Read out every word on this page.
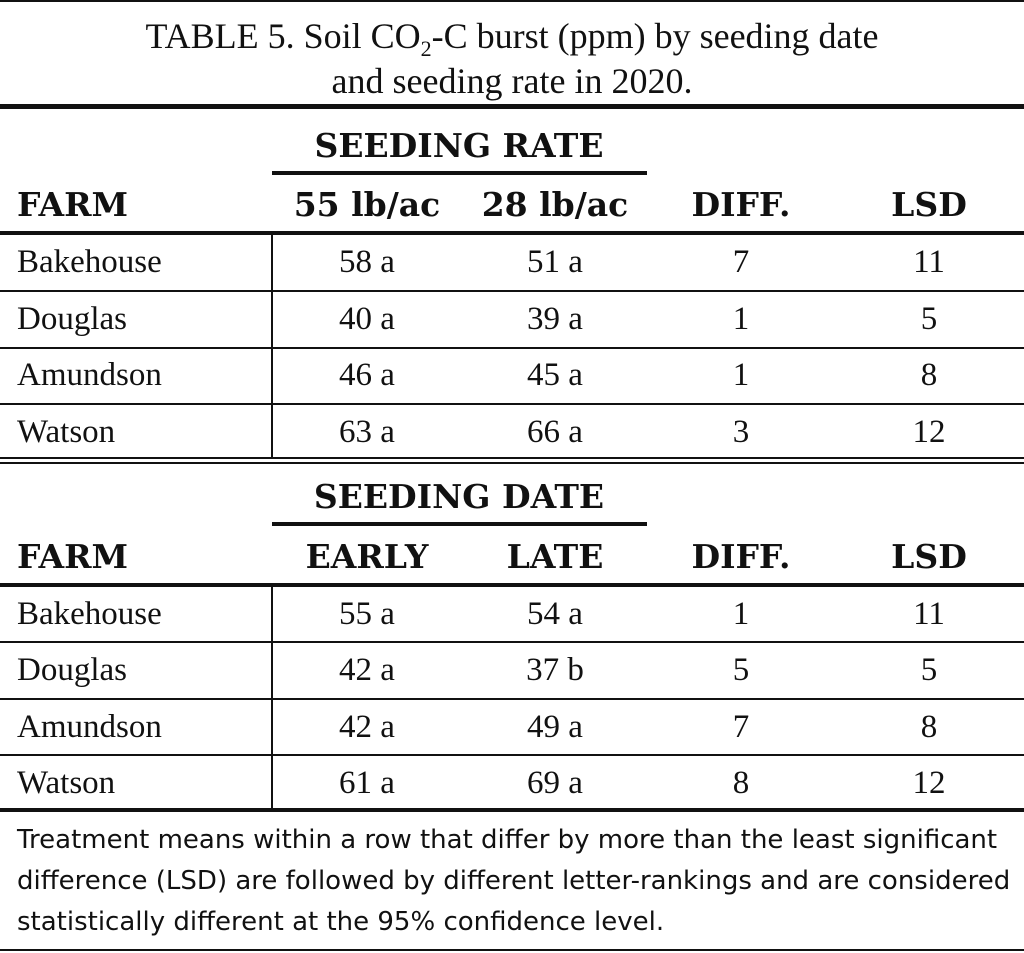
TABLE 5. Soil $CO_2-C$ burst (ppm) by seeding date
and seeding rate in 2020.
SEEDING RATE
FARM	55 lb/ac	28 lb/ac	DIFF.	LSD
Bakehouse	58 a	51 a	7	11
Douglas	40 a	39 a	1	5
Amundson	46 a	45 a	1	8
Watson	63 a	66 a	3	12
SEEDING DATE
FARM	EARLY	LATE	DIFF.	LSD
Bakehouse	55 a	54 a	1	11
Douglas	42 a	37 b	5	5
Amundson	42 a	49 a	7	8
Watson	61 a	69 a	8	12
Treatment means within a row that differ by more than the least significant difference (LSD) are followed by different letter-rankings and are considered statistically different at the 95% confidence level.
